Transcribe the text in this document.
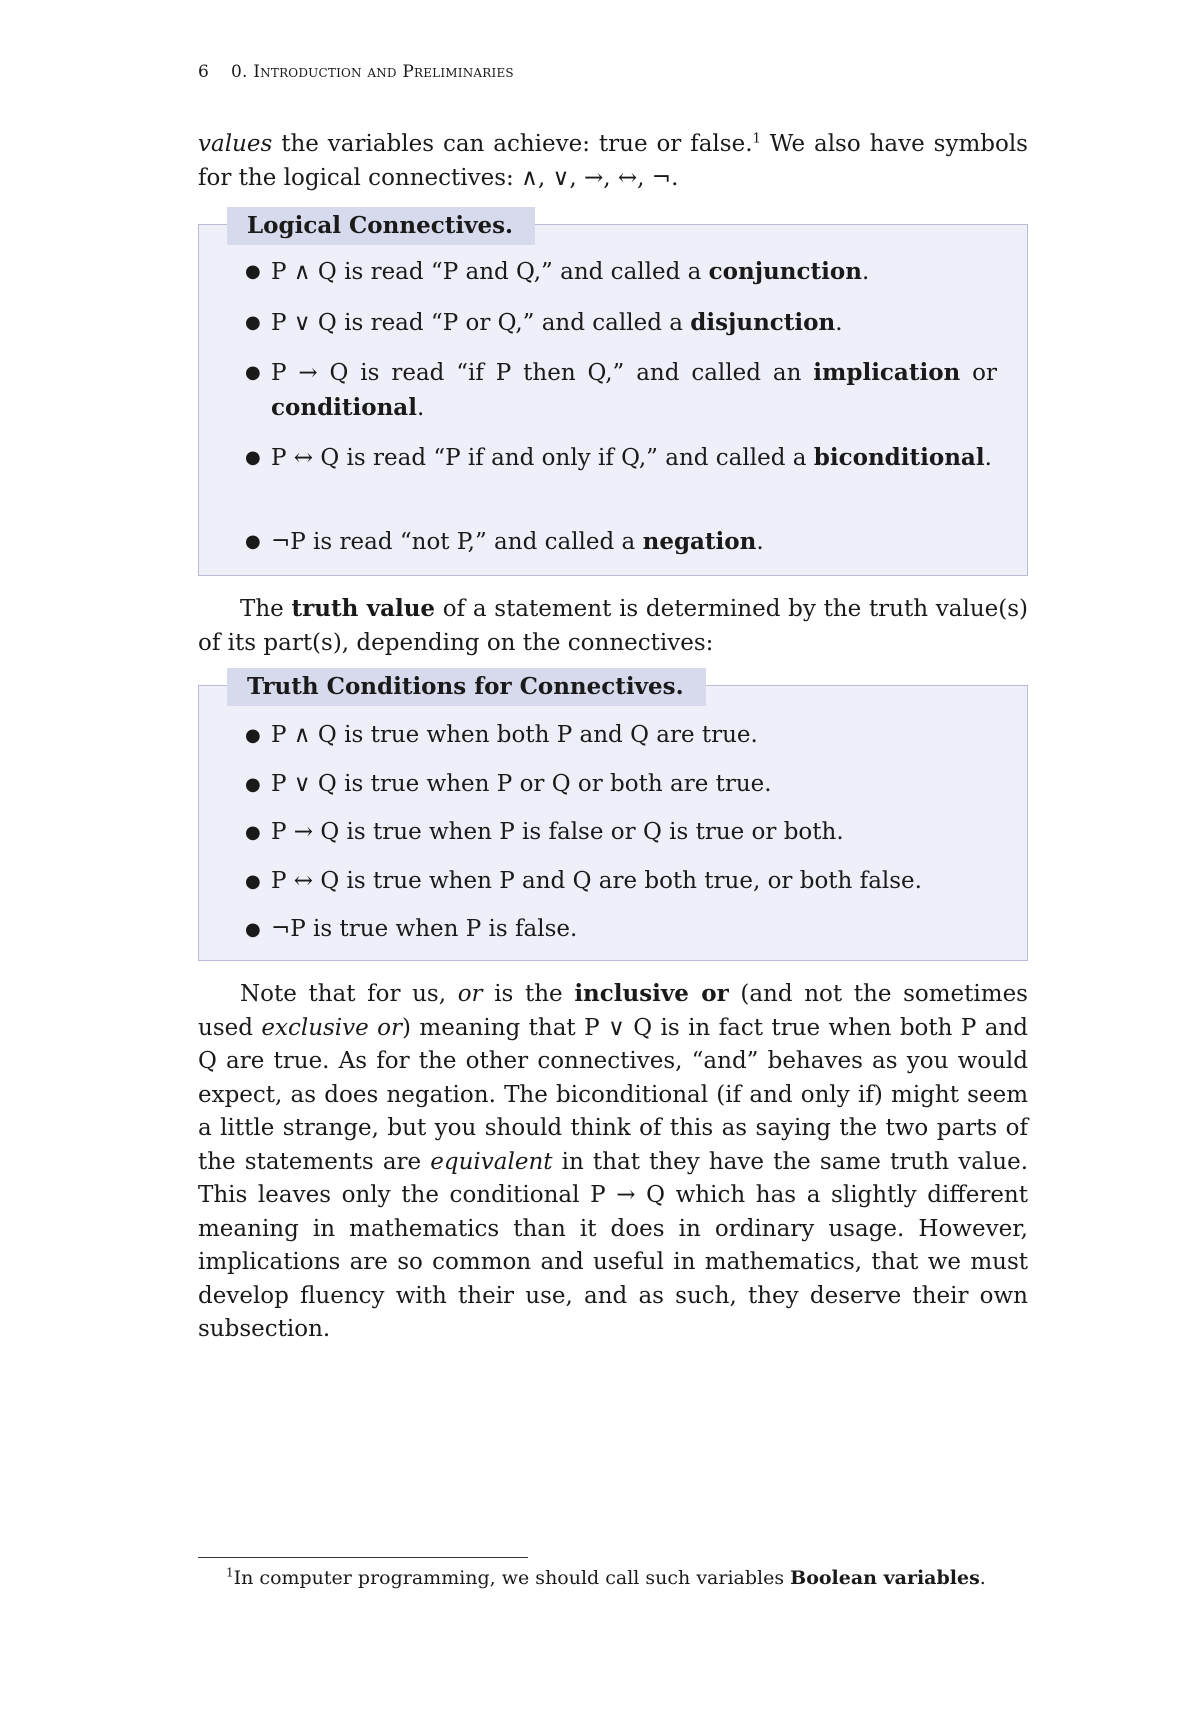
6 0. Introduction and Preliminaries

values the variables can achieve: true or false.$^1$ We also have symbols for the logical connectives: ∧, ∨, →, ↔, ¬.

Logical Connectives.
● P ∧ Q is read “P and Q,” and called a conjunction.
● P ∨ Q is read “P or Q,” and called a disjunction.
● P → Q is read “if P then Q,” and called an implication or conditional.
● P ↔ Q is read “P if and only if Q,” and called a biconditional.
● ¬P is read “not P,” and called a negation.

The truth value of a statement is determined by the truth value(s) of its part(s), depending on the connectives:

Truth Conditions for Connectives.
● P ∧ Q is true when both P and Q are true.
● P ∨ Q is true when P or Q or both are true.
● P → Q is true when P is false or Q is true or both.
● P ↔ Q is true when P and Q are both true, or both false.
● ¬P is true when P is false.

Note that for us, or is the inclusive or (and not the sometimes used exclusive or) meaning that P ∨ Q is in fact true when both P and Q are true. As for the other connectives, “and” behaves as you would expect, as does negation. The biconditional (if and only if) might seem a little strange, but you should think of this as saying the two parts of the statements are equivalent in that they have the same truth value. This leaves only the conditional P → Q which has a slightly different meaning in mathematics than it does in ordinary usage. However, implications are so common and useful in mathematics, that we must develop fluency with their use, and as such, they deserve their own subsection.

$^1$In computer programming, we should call such variables Boolean variables.
